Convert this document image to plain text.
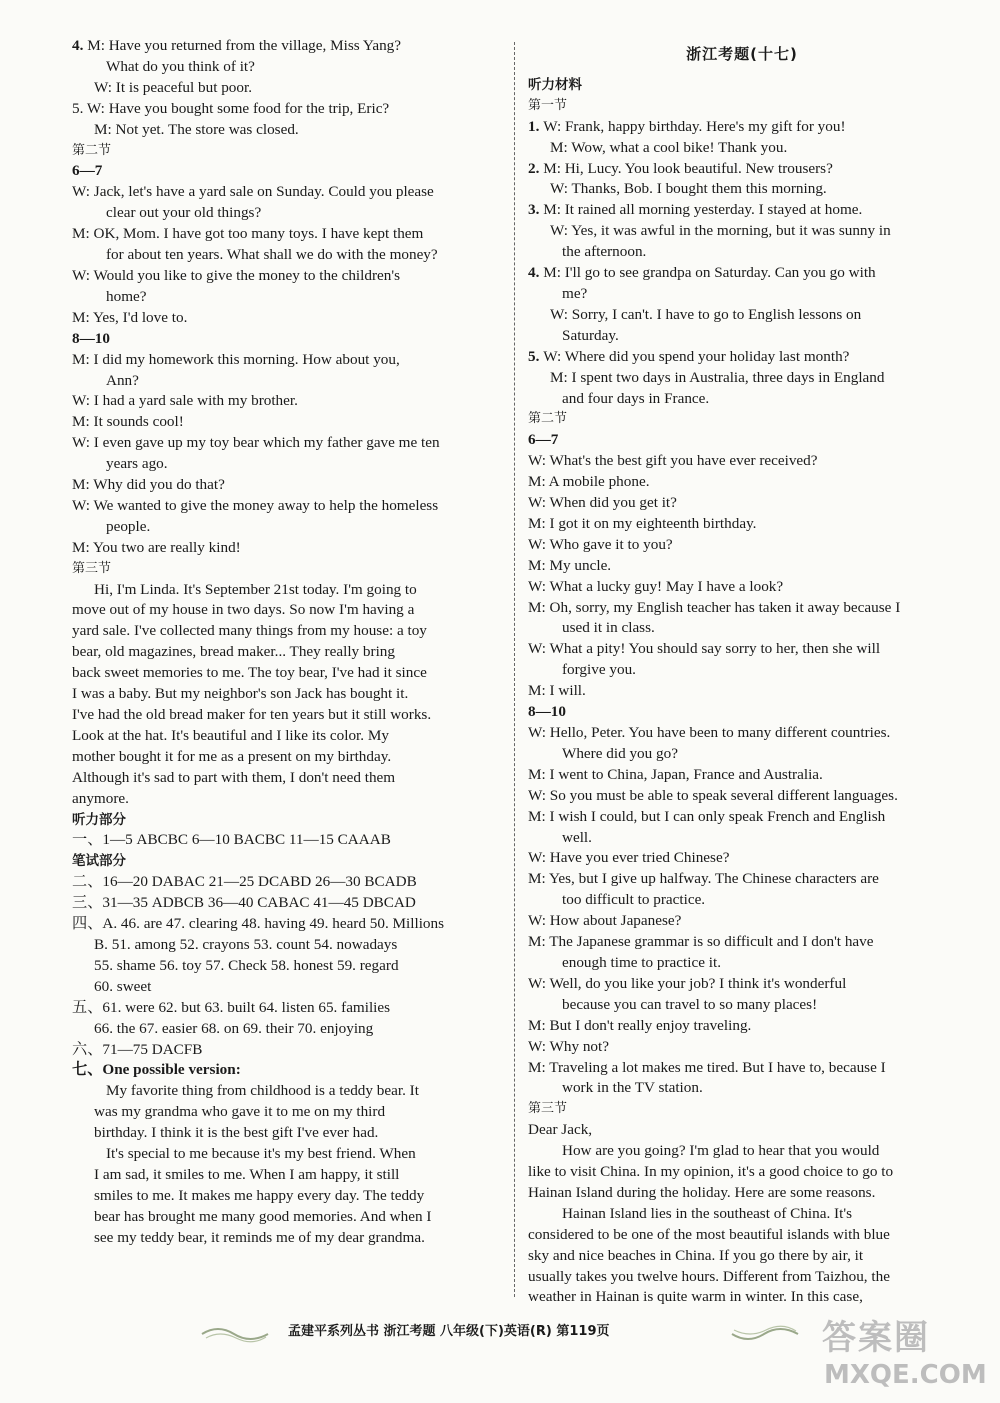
4. M: Have you returned from the village, Miss Yang?
What do you think of it?
W: It is peaceful but poor.
5. W: Have you bought some food for the trip, Eric?
M: Not yet. The store was closed.
第二节
6—7
W: Jack, let's have a yard sale on Sunday. Could you please
clear out your old things?
M: OK, Mom. I have got too many toys. I have kept them
for about ten years. What shall we do with the money?
W: Would you like to give the money to the children's
home?
M: Yes, I'd love to.
8—10
M: I did my homework this morning. How about you,
Ann?
W: I had a yard sale with my brother.
M: It sounds cool!
W: I even gave up my toy bear which my father gave me ten
years ago.
M: Why did you do that?
W: We wanted to give the money away to help the homeless
people.
M: You two are really kind!
第三节
Hi, I'm Linda. It's September 21st today. I'm going to
move out of my house in two days. So now I'm having a
yard sale. I've collected many things from my house: a toy
bear, old magazines, bread maker... They really bring
back sweet memories to me. The toy bear, I've had it since
I was a baby. But my neighbor's son Jack has bought it.
I've had the old bread maker for ten years but it still works.
Look at the hat. It's beautiful and I like its color. My
mother bought it for me as a present on my birthday.
Although it's sad to part with them, I don't need them
anymore.
听力部分
一、1—5 ABCBC 6—10 BACBC 11—15 CAAAB
笔试部分
二、16—20 DABAC 21—25 DCABD 26—30 BCADB
三、31—35 ADBCB 36—40 CABAC 41—45 DBCAD
四、A. 46. are 47. clearing 48. having 49. heard 50. Millions
B. 51. among 52. crayons 53. count 54. nowadays
55. shame 56. toy 57. Check 58. honest 59. regard
60. sweet
五、61. were 62. but 63. built 64. listen 65. families
66. the 67. easier 68. on 69. their 70. enjoying
六、71—75 DACFB
七、One possible version:
My favorite thing from childhood is a teddy bear. It
was my grandma who gave it to me on my third
birthday. I think it is the best gift I've ever had.
It's special to me because it's my best friend. When
I am sad, it smiles to me. When I am happy, it still
smiles to me. It makes me happy every day. The teddy
bear has brought me many good memories. And when I
see my teddy bear, it reminds me of my dear grandma.
浙江考题(十七)
听力材料
第一节
1. W: Frank, happy birthday. Here's my gift for you!
M: Wow, what a cool bike! Thank you.
2. M: Hi, Lucy. You look beautiful. New trousers?
W: Thanks, Bob. I bought them this morning.
3. M: It rained all morning yesterday. I stayed at home.
W: Yes, it was awful in the morning, but it was sunny in
the afternoon.
4. M: I'll go to see grandpa on Saturday. Can you go with
me?
W: Sorry, I can't. I have to go to English lessons on
Saturday.
5. W: Where did you spend your holiday last month?
M: I spent two days in Australia, three days in England
and four days in France.
第二节
6—7
W: What's the best gift you have ever received?
M: A mobile phone.
W: When did you get it?
M: I got it on my eighteenth birthday.
W: Who gave it to you?
M: My uncle.
W: What a lucky guy! May I have a look?
M: Oh, sorry, my English teacher has taken it away because I
used it in class.
W: What a pity! You should say sorry to her, then she will
forgive you.
M: I will.
8—10
W: Hello, Peter. You have been to many different countries.
Where did you go?
M: I went to China, Japan, France and Australia.
W: So you must be able to speak several different languages.
M: I wish I could, but I can only speak French and English
well.
W: Have you ever tried Chinese?
M: Yes, but I give up halfway. The Chinese characters are
too difficult to practice.
W: How about Japanese?
M: The Japanese grammar is so difficult and I don't have
enough time to practice it.
W: Well, do you like your job? I think it's wonderful
because you can travel to so many places!
M: But I don't really enjoy traveling.
W: Why not?
M: Traveling a lot makes me tired. But I have to, because I
work in the TV station.
第三节
Dear Jack,
How are you going? I'm glad to hear that you would
like to visit China. In my opinion, it's a good choice to go to
Hainan Island during the holiday. Here are some reasons.
Hainan Island lies in the southeast of China. It's
considered to be one of the most beautiful islands with blue
sky and nice beaches in China. If you go there by air, it
usually takes you twelve hours. Different from Taizhou, the
weather in Hainan is quite warm in winter. In this case,
孟建平系列丛书 浙江考题 八年级(下)英语(R) 第119页	答案圈
MXQE.COM
